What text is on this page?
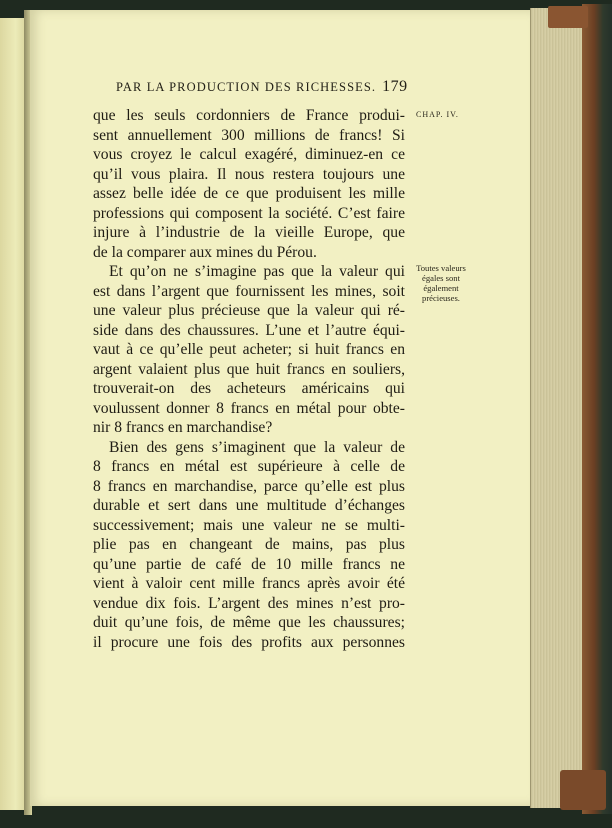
PAR LA PRODUCTION DES RICHESSES. 179
CHAP. IV.
Toutes valeurs
égales sont
également
précieuses.
que les seuls cordonniers de France produi-
sent annuellement 300 millions de francs! Si
vous croyez le calcul exagéré, diminuez-en ce
qu’il vous plaira. Il nous restera toujours une
assez belle idée de ce que produisent les mille
professions qui composent la société. C’est faire
injure à l’industrie de la vieille Europe, que
de la comparer aux mines du Pérou.
Et qu’on ne s’imagine pas que la valeur qui
est dans l’argent que fournissent les mines, soit
une valeur plus précieuse que la valeur qui ré-
side dans des chaussures. L’une et l’autre équi-
vaut à ce qu’elle peut acheter; si huit francs en
argent valaient plus que huit francs en souliers,
trouverait-on des acheteurs américains qui
voulussent donner 8 francs en métal pour obte-
nir 8 francs en marchandise?
Bien des gens s’imaginent que la valeur de
8 francs en métal est supérieure à celle de
8 francs en marchandise, parce qu’elle est plus
durable et sert dans une multitude d’échanges
successivement; mais une valeur ne se multi-
plie pas en changeant de mains, pas plus
qu’une partie de café de 10 mille francs ne
vient à valoir cent mille francs après avoir été
vendue dix fois. L’argent des mines n’est pro-
duit qu’une fois, de même que les chaussures;
il procure une fois des profits aux personnes
